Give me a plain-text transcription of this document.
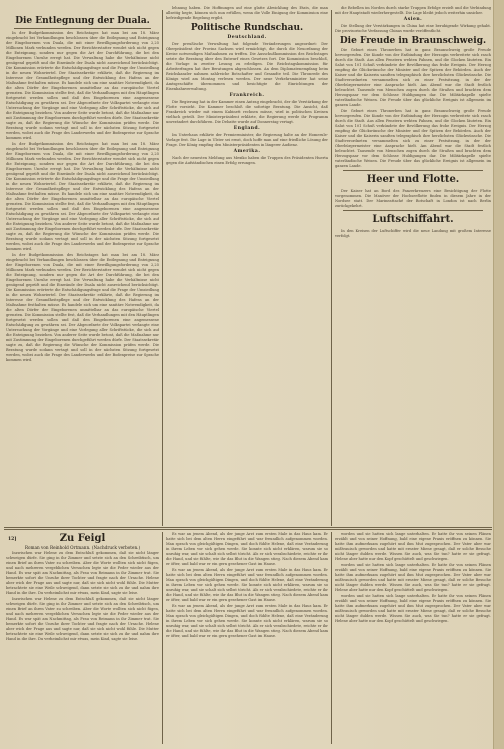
Die Entlegnung der Duala.

In der Budgetkommission des Reichstages hat man bei am 18. März eingebracht bei Verhandlungen beschlossen über die Entlegnung und Enteignung der Eingeborenen von Duala, die mit einer Bewilligungsforderung von 2,25 Millionen Mark verbunden werden. Der Berichterstatter wendet sich nicht gegen die Enteignung, sondern nur gegen die Art der Durchführung, die bei den Eingeborenen Unruhe erregt hat. Die Verwaltung habe die Verhältnisse nicht genügend geprüft und die Einwände der Duala nicht ausreichend berücksichtigt. Die Kommission erörterte die Entschädigungsfrage und die Frage der Umsiedlung in die neuen Wohnviertel. Der Staatssekretär erklärte, daß die Regierung im Interesse der Gesundheitspflege und der Entwicklung des Hafens an der Maßnahme festhalten müsse. Es handele sich um eine sanitäre Notwendigkeit, da die alten Dörfer der Eingeborenen unmittelbar an das europäische Viertel grenzten. Die Kommission stellte fest, daß die Verhandlungen mit den Häuptlingen fortgesetzt werden sollen und daß den Eingeborenen eine angemessene Entschädigung zu gewähren sei. Der Abgeordnete der Volkspartei verlangte eine Untersuchung der Vorgänge und eine Vorlegung aller Schriftstücke, die sich auf die Enteignung beziehen. Von anderer Seite wurde betont, daß die Maßnahme nur mit Zustimmung der Eingeborenen durchgeführt werden dürfe. Der Staatssekretär sagte zu, daß die Regierung die Wünsche der Kommission prüfen werde. Die Beratung wurde sodann vertagt und soll in der nächsten Sitzung fortgesetzt werden, wobei auch die Frage des Landerwerbs und der Bodenpreise zur Sprache kommen wird.

In der Budgetkommission des Reichstages hat man bei am 18. März eingebracht bei Verhandlungen beschlossen über die Entlegnung und Enteignung der Eingeborenen von Duala, die mit einer Bewilligungsforderung von 2,25 Millionen Mark verbunden werden. Der Berichterstatter wendet sich nicht gegen die Enteignung, sondern nur gegen die Art der Durchführung, die bei den Eingeborenen Unruhe erregt hat. Die Verwaltung habe die Verhältnisse nicht genügend geprüft und die Einwände der Duala nicht ausreichend berücksichtigt. Die Kommission erörterte die Entschädigungsfrage und die Frage der Umsiedlung in die neuen Wohnviertel. Der Staatssekretär erklärte, daß die Regierung im Interesse der Gesundheitspflege und der Entwicklung des Hafens an der Maßnahme festhalten müsse. Es handele sich um eine sanitäre Notwendigkeit, da die alten Dörfer der Eingeborenen unmittelbar an das europäische Viertel grenzten. Die Kommission stellte fest, daß die Verhandlungen mit den Häuptlingen fortgesetzt werden sollen und daß den Eingeborenen eine angemessene Entschädigung zu gewähren sei. Der Abgeordnete der Volkspartei verlangte eine Untersuchung der Vorgänge und eine Vorlegung aller Schriftstücke, die sich auf die Enteignung beziehen. Von anderer Seite wurde betont, daß die Maßnahme nur mit Zustimmung der Eingeborenen durchgeführt werden dürfe. Der Staatssekretär sagte zu, daß die Regierung die Wünsche der Kommission prüfen werde. Die Beratung wurde sodann vertagt und soll in der nächsten Sitzung fortgesetzt werden, wobei auch die Frage des Landerwerbs und der Bodenpreise zur Sprache kommen wird.

In der Budgetkommission des Reichstages hat man bei am 18. März eingebracht bei Verhandlungen beschlossen über die Entlegnung und Enteignung der Eingeborenen von Duala, die mit einer Bewilligungsforderung von 2,25 Millionen Mark verbunden werden. Der Berichterstatter wendet sich nicht gegen die Enteignung, sondern nur gegen die Art der Durchführung, die bei den Eingeborenen Unruhe erregt hat. Die Verwaltung habe die Verhältnisse nicht genügend geprüft und die Einwände der Duala nicht ausreichend berücksichtigt. Die Kommission erörterte die Entschädigungsfrage und die Frage der Umsiedlung in die neuen Wohnviertel. Der Staatssekretär erklärte, daß die Regierung im Interesse der Gesundheitspflege und der Entwicklung des Hafens an der Maßnahme festhalten müsse. Es handele sich um eine sanitäre Notwendigkeit, da die alten Dörfer der Eingeborenen unmittelbar an das europäische Viertel grenzten. Die Kommission stellte fest, daß die Verhandlungen mit den Häuptlingen fortgesetzt werden sollen und daß den Eingeborenen eine angemessene Entschädigung zu gewähren sei. Der Abgeordnete der Volkspartei verlangte eine Untersuchung der Vorgänge und eine Vorlegung aller Schriftstücke, die sich auf die Enteignung beziehen. Von anderer Seite wurde betont, daß die Maßnahme nur mit Zustimmung der Eingeborenen durchgeführt werden dürfe. Der Staatssekretär sagte zu, daß die Regierung die Wünsche der Kommission prüfen werde. Die Beratung wurde sodann vertagt und soll in der nächsten Sitzung fortgesetzt werden, wobei auch die Frage des Landerwerbs und der Bodenpreise zur Sprache kommen wird.

lehnung haben. Die Hoffnungen auf eine glatte Abwicklung des Etats, die man allseitig hegte, können sich nun erfüllen, wenn die Volle Einigung der Kommission eine befriedigende Regelung ergibt.

Politische Rundschau.
Deutschland.

Der preußische Verwaltung hat folgende Veränderungen angeordnet: Der Oberpräsident der Provinz Sachsen wird ermächtigt, die durch die Neuordnung der Kreise notwendigen Maßnahmen zu treffen. Die Ausschußkommission des Reichstages setzte die Beratung über den Entwurf eines Gesetzes fort. Die Kommission beschloß, die Vorlage in zweiter Lesung zu erledigen. Die Reichstagskommission für Arbeiterfragen hat ihre Beratungen abgeschlossen. An dem Diplomatenempfang beim Reichskanzler nahmen zahlreiche Botschafter und Gesandte teil. Die Thronrede des Königs wird am Montag verlesen werden. Der neue Verkehrsminister hat seine Amtsgeschäfte übernommen und besichtigte die Einrichtungen der Eisenbahnverwaltung.

Frankreich.

Die Regierung hat in der Kammer einen Antrag eingebracht, der die Verstärkung der Flotte vorsieht. Die Kammer beschloß die sofortige Beratung. Die Ansicht, daß Frankreich wieder mit einem Kabinett rechnen müsse, wird in politischen Kreisen vielfach geteilt. Der Ministerpräsident erklärte, die Regierung werde ihr Programm unverändert durchführen. Die Debatte wurde auf Donnerstag vertagt.

England.

Im Unterhaus erklärte der Premierminister, die Regierung halte an der Homerule-Vorlage fest. Die Lage in Ulster sei ernst, doch hoffe man auf eine friedliche Lösung der Frage. Der König empfing den Ministerpräsidenten in längerer Audienz.

Amerika.

Nach der neuesten Meldung aus Mexiko haben die Truppen des Präsidenten Huerta gegen die Aufständischen einen Erfolg errungen.

die Rebellen im Norden durch starke Truppen Erfolge erzielt und die Verbindung mit der Hauptstadt wiederhergestellt. Die Lage bleibt jedoch weiterhin unsicher.

Asien.

Die Stellung der Verstärkungen in China hat eine beruhigende Wirkung gehabt. Die provisorische Verfassung Chinas wurde veröffentlicht.

Die Freude in Braunschweig.

Die Geburt eines Thronerben hat in ganz Braunschweig große Freude hervorgerufen. Die Kunde von der Entbindung der Herzogin verbreitete sich rasch durch die Stadt. Aus allen Fenstern wehten Fahnen, und die Glocken läuteten. Ein Salut von 101 Schuß verkündete der Bevölkerung das frohe Ereignis. Der Herzog empfing die Glückwünsche der Minister und der Spitzen der Behörden. Auch der Kaiser und die Kaiserin sandten telegraphisch ihre herzlichsten Glückwünsche. Die Stadtverordneten versammelten sich zu einer Festsitzung, in der der Oberbürgermeister eine Ansprache hielt. Am Abend war die Stadt festlich beleuchtet. Tausende von Menschen zogen durch die Straßen und brachten dem Herzogspaar vor dem Schlosse Huldigungen dar. Die Militärkapelle spielte vaterländische Weisen. Die Freude über das glückliche Ereignis ist allgemein im ganzen Lande.

Die Geburt eines Thronerben hat in ganz Braunschweig große Freude hervorgerufen. Die Kunde von der Entbindung der Herzogin verbreitete sich rasch durch die Stadt. Aus allen Fenstern wehten Fahnen, und die Glocken läuteten. Ein Salut von 101 Schuß verkündete der Bevölkerung das frohe Ereignis. Der Herzog empfing die Glückwünsche der Minister und der Spitzen der Behörden. Auch der Kaiser und die Kaiserin sandten telegraphisch ihre herzlichsten Glückwünsche. Die Stadtverordneten versammelten sich zu einer Festsitzung, in der der Oberbürgermeister eine Ansprache hielt. Am Abend war die Stadt festlich beleuchtet. Tausende von Menschen zogen durch die Straßen und brachten dem Herzogspaar vor dem Schlosse Huldigungen dar. Die Militärkapelle spielte vaterländische Weisen. Die Freude über das glückliche Ereignis ist allgemein im ganzen Lande.

Heer und Flotte.

Der Kaiser hat an Bord des Panzerkreuzers eine Besichtigung der Flotte vorgenommen. Die Manöver der Hochseeflotte finden in diesem Jahre in der Nordsee statt. Der Marineattaché der Botschaft in London ist nach Berlin zurückgekehrt.

Luftschiffahrt.

In den Kreisen der Luftschiffer wird die neue Landung mit großem Interesse verfolgt.

12]	Zu Feigl
Roman von Reinhold Ortmann. (Nachdruck verboten.)

Inzwischen war Helene zu dem Entschluß gekommen, daß sie nicht länger schweigen dürfe. Sie ging in ihr Zimmer und setzte sich an den Schreibtisch, um einen Brief an ihren Vater zu schreiben. Aber die Worte wollten sich nicht fügen, und nach mehreren vergeblichen Versuchen legte sie die Feder wieder aus der Hand. Es war spät am Nachmittag, als Frau von Reimann in ihr Zimmer trat. Sie bemerkte sofort die Unruhe ihrer Tochter und fragte nach der Ursache. Helene aber wich der Frage aus und sagte nur, daß sie sich nicht wohl fühle. Die Mutter betrachtete sie eine Weile schweigend, dann setzte sie sich zu ihr und nahm ihre Hand in die ihre. Du verheimlichst mir etwas, mein Kind, sagte sie leise.

Inzwischen war Helene zu dem Entschluß gekommen, daß sie nicht länger schweigen dürfe. Sie ging in ihr Zimmer und setzte sich an den Schreibtisch, um einen Brief an ihren Vater zu schreiben. Aber die Worte wollten sich nicht fügen, und nach mehreren vergeblichen Versuchen legte sie die Feder wieder aus der Hand. Es war spät am Nachmittag, als Frau von Reimann in ihr Zimmer trat. Sie bemerkte sofort die Unruhe ihrer Tochter und fragte nach der Ursache. Helene aber wich der Frage aus und sagte nur, daß sie sich nicht wohl fühle. Die Mutter betrachtete sie eine Weile schweigend, dann setzte sie sich zu ihr und nahm ihre Hand in die ihre. Du verheimlichst mir etwas, mein Kind, sagte sie leise.

Es war an jenem Abend, als der junge Arzt zum ersten Male in das Haus kam. Er hatte sich bei dem alten Herrn eingeführt und war freundlich aufgenommen worden. Man sprach von gleichgültigen Dingen, und doch fühlte Helene, daß eine Veränderung in ihrem Leben vor sich gehen werde. Sie konnte sich nicht erklären, warum sie so unruhig war, und sie schalt sich selbst töricht. Als er sich verabschiedete, reichte er ihr die Hand, und sie fühlte, wie ihr das Blut in die Wangen stieg. Nach diesem Abend kam er öfter, und bald war er ein gern gesehener Gast im Hause.

Es war an jenem Abend, als der junge Arzt zum ersten Male in das Haus kam. Er hatte sich bei dem alten Herrn eingeführt und war freundlich aufgenommen worden. Man sprach von gleichgültigen Dingen, und doch fühlte Helene, daß eine Veränderung in ihrem Leben vor sich gehen werde. Sie konnte sich nicht erklären, warum sie so unruhig war, und sie schalt sich selbst töricht. Als er sich verabschiedete, reichte er ihr die Hand, und sie fühlte, wie ihr das Blut in die Wangen stieg. Nach diesem Abend kam er öfter, und bald war er ein gern gesehener Gast im Hause.

Es war an jenem Abend, als der junge Arzt zum ersten Male in das Haus kam. Er hatte sich bei dem alten Herrn eingeführt und war freundlich aufgenommen worden. Man sprach von gleichgültigen Dingen, und doch fühlte Helene, daß eine Veränderung in ihrem Leben vor sich gehen werde. Sie konnte sich nicht erklären, warum sie so unruhig war, und sie schalt sich selbst töricht. Als er sich verabschiedete, reichte er ihr die Hand, und sie fühlte, wie ihr das Blut in die Wangen stieg. Nach diesem Abend kam er öfter, und bald war er ein gern gesehener Gast im Hause.

worden und sie hatten sich lange unterhalten. Er hatte ihr von seinen Plänen erzählt und von seiner Hoffnung, bald eine eigene Praxis eröffnen zu können. Sie hatte ihm aufmerksam zugehört und ihm Mut zugesprochen. Der Vater aber war mißtrauisch geworden und hatte mit ernster Miene gesagt, daß er solche Besuche nicht länger dulden werde. Wissen Sie auch, was Sie tun? hatte er sie gefragt. Helene aber hatte nur den Kopf geschüttelt und geschwiegen.

worden und sie hatten sich lange unterhalten. Er hatte ihr von seinen Plänen erzählt und von seiner Hoffnung, bald eine eigene Praxis eröffnen zu können. Sie hatte ihm aufmerksam zugehört und ihm Mut zugesprochen. Der Vater aber war mißtrauisch geworden und hatte mit ernster Miene gesagt, daß er solche Besuche nicht länger dulden werde. Wissen Sie auch, was Sie tun? hatte er sie gefragt. Helene aber hatte nur den Kopf geschüttelt und geschwiegen.

worden und sie hatten sich lange unterhalten. Er hatte ihr von seinen Plänen erzählt und von seiner Hoffnung, bald eine eigene Praxis eröffnen zu können. Sie hatte ihm aufmerksam zugehört und ihm Mut zugesprochen. Der Vater aber war mißtrauisch geworden und hatte mit ernster Miene gesagt, daß er solche Besuche nicht länger dulden werde. Wissen Sie auch, was Sie tun? hatte er sie gefragt. Helene aber hatte nur den Kopf geschüttelt und geschwiegen.
